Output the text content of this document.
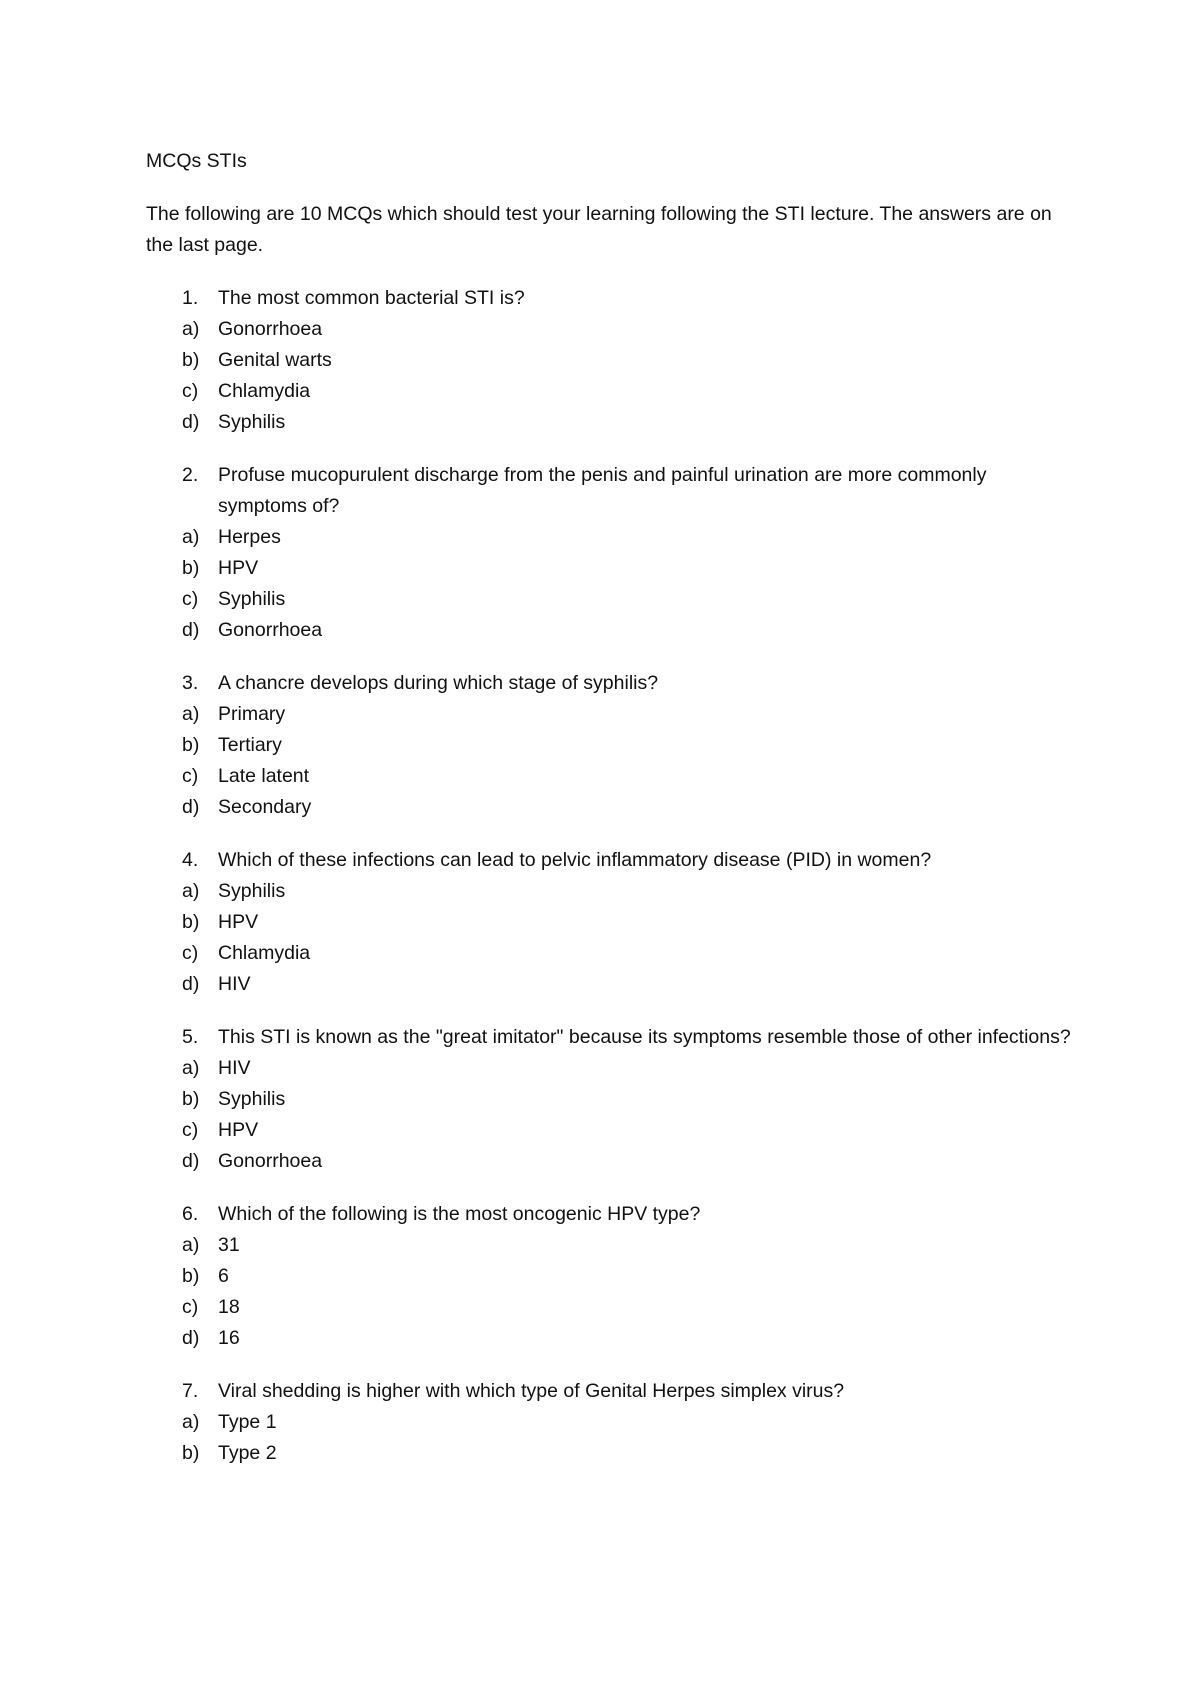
MCQs STIs

The following are 10 MCQs which should test your learning following the STI lecture. The answers are on the last page.

1.	The most common bacterial STI is?
a) Gonorrhoea
b) Genital warts
c)	Chlamydia
d) Syphilis
2.	Profuse mucopurulent discharge from the penis and painful urination are more commonly symptoms of?
a) Herpes
b) HPV
c)	Syphilis
d) Gonorrhoea
3.	A chancre develops during which stage of syphilis?
a) Primary
b) Tertiary
c)	Late latent
d) Secondary
4.	Which of these infections can lead to pelvic inflammatory disease (PID) in women?
a) Syphilis
b) HPV
c)	Chlamydia
d) HIV
5.	This STI is known as the "great imitator" because its symptoms resemble those of other infections?
a) HIV
b) Syphilis
c)	HPV
d) Gonorrhoea
6.	Which of the following is the most oncogenic HPV type?
a) 31
b) 6
c)	18
d) 16
7.	Viral shedding is higher with which type of Genital Herpes simplex virus?
a) Type 1
b) Type 2
